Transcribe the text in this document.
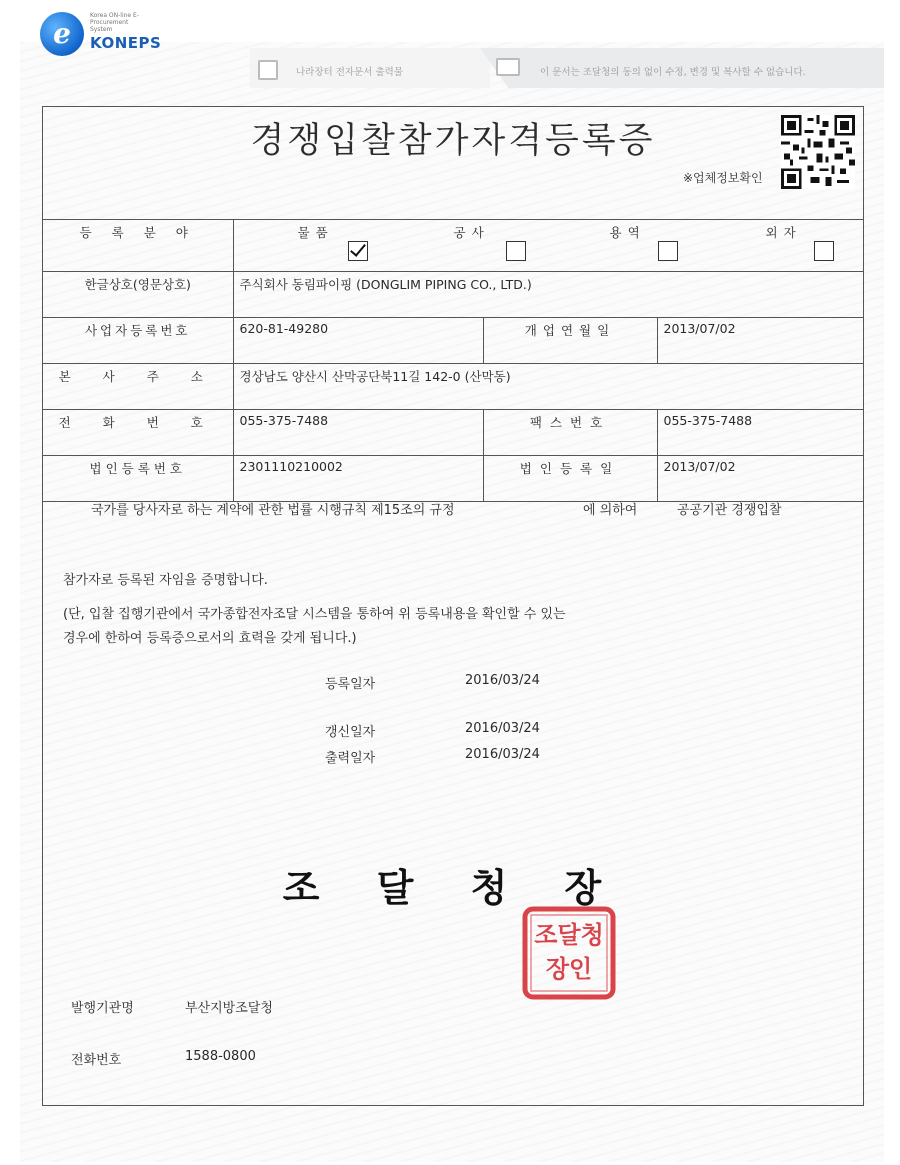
e
Korea ON-line E-Procurement System
KONEPS
나라장터 전자문서 출력물	이 문서는 조달청의 동의 없이 수정, 변경 및 복사할 수 없습니다.
경쟁입찰참가자격등록증
※업체정보확인
등 록 분 야	물품 공사 용역 외자		

한글상호(영문상호)	주식회사 동림파이핑 (DONGLIM PIPING CO., LTD.)		
사업자등록번호	620-81-49280	개업연월일	2013/07/02
본 사 주 소	경상남도 양산시 산막공단북11길 142-0 (산막동)		
전 화 번 호	055-375-7488	팩스번호	055-375-7488
법인등록번호	2301110210002	법인등록일	2013/07/02
국가를 당사자로 하는 계약에 관한 법률 시행규칙 제15조의 규정	에 의하여	공공기관 경쟁입찰
참가자로 등록된 자임을 증명합니다.
(단, 입찰 집행기관에서 국가종합전자조달 시스템을 통하여 위 등록내용을 확인할 수 있는
경우에 한하여 등록증으로서의 효력을 갖게 됩니다.)
등록일자	2016/03/24
갱신일자	2016/03/24
출력일자	2016/03/24
조 달 청 장
조달청
장인
발행기관명	부산지방조달청
전화번호	1588-0800
